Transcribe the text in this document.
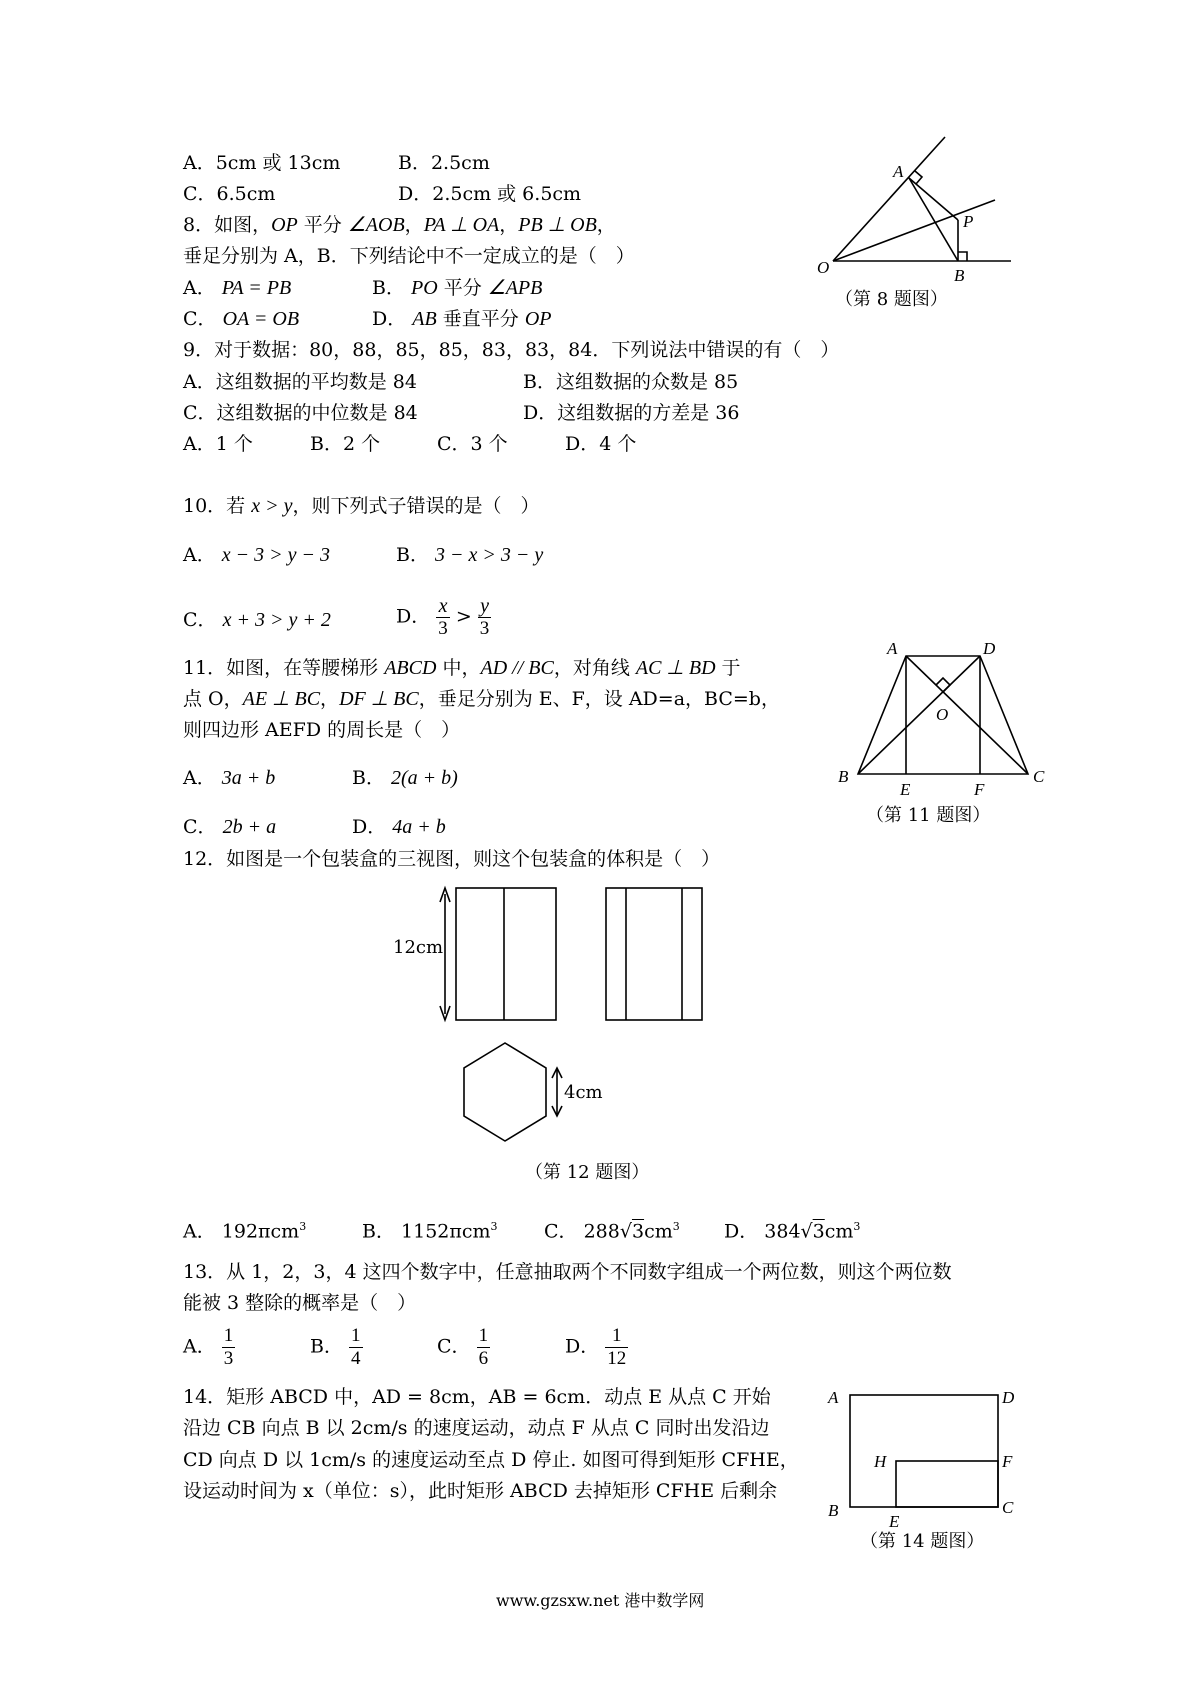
A．5cm 或 13cm	B．2.5cm
C．6.5cm	D．2.5cm 或 6.5cm
8．如图，OP 平分 ∠AOB，PA ⊥ OA，PB ⊥ OB，
垂足分别为 A，B．下列结论中不一定成立的是（　）
A． PA = PB	B． PO 平分 ∠APB
C． OA = OB	D． AB 垂直平分 OP
A
O
P
B
（第 8 题图）
9．对于数据：80，88，85，85，83，83，84．下列说法中错误的有（　）
A．这组数据的平均数是 84	B．这组数据的众数是 85
C．这组数据的中位数是 84	D．这组数据的方差是 36
A．1 个	B．2 个	C．3 个	D．4 个
10．若 x > y，则下列式子错误的是（　）
A． x − 3 > y − 3	B． 3 − x > 3 − y
C． x + 3 > y + 2	D． $\frac{x}{3} > \frac{y}{3}$
11．如图，在等腰梯形 ABCD 中，AD // BC，对角线 AC ⊥ BD 于
点 O，AE ⊥ BC，DF ⊥ BC，垂足分别为 E、F，设 AD=a，BC=b，
则四边形 AEFD 的周长是（　）
A． 3a + b	B． 2(a + b)
C． 2b + a	D． 4a + b
A	D
O
B
E	F
C
（第 11 题图）
12．如图是一个包装盒的三视图，则这个包装盒的体积是（　）
12cm
4cm
（第 12 题图）
A． 192πcm$^3$	B． 1152πcm$^3$ C． $288√3cm^3$ D． $384√3cm^3$
13．从 1，2，3，4 这四个数字中，任意抽取两个不同数字组成一个两位数，则这个两位数
能被 3 整除的概率是（　）
A． $\frac{1}{3}$	B． $\frac{1}{4}$	C． $\frac{1}{6}$	D． $\frac{1}{12}$
14．矩形 ABCD 中，AD = 8cm，AB = 6cm．动点 E 从点 C 开始
沿边 CB 向点 B 以 2cm/s 的速度运动，动点 F 从点 C 同时出发沿边
CD 向点 D 以 1cm/s 的速度运动至点 D 停止. 如图可得到矩形 CFHE，
设运动时间为 x（单位：s），此时矩形 ABCD 去掉矩形 CFHE 后剩余
A	D
H	F
B
E
C
（第 14 题图）
www.gzsxw.net 港中数学网
